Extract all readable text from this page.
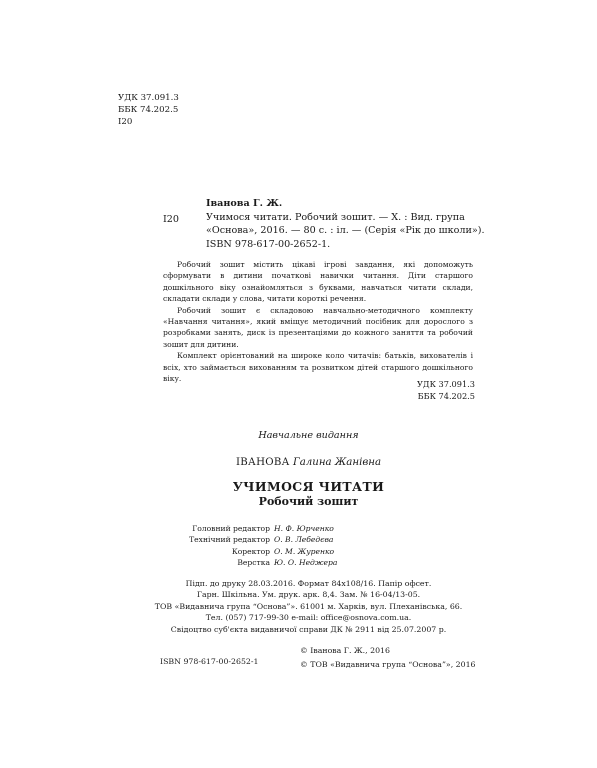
УДК 37.091.3
ББК 74.202.5
І20
І20
Іванова Г. Ж.
Учимося читати. Робочий зошит. — Х. : Вид. група
«Основа», 2016. — 80 с. : іл. — (Серія «Рік до школи»).
ISBN 978-617-00-2652-1.

Робочий зошит містить цікаві ігрові завдання, які допоможуть сформувати в дитини початкові навички читання. Діти старшого дошкільного віку ознайомляться з буквами, навчаться читати склади, складати склади у слова, читати короткі речення.

Робочий зошит є складовою навчально-методичного комплекту «Навчання читання», який вміщує методичний посібник для дорослого з розробками занять, диск із презентаціями до кожного заняття та робочий зошит для дитини.

Комплект орієнтований на широке коло читачів: батьків, вихователів і всіх, хто займається вихованням та розвитком дітей старшого дошкільного віку.

УДК 37.091.3
ББК 74.202.5
Навчальне видання
ІВАНОВА Галина Жанівна
УЧИМОСЯ ЧИТАТИ
Робочий зошит
Головний редактор Н. Ф. Юрченко
Технічний редактор О. В. Лебедєва
Коректор О. М. Журенко
Верстка Ю. О. Неджера
Підп. до друку 28.03.2016. Формат 84x108/16. Папір офсет.
Гарн. Шкільна. Ум. друк. арк. 8,4. Зам. № 16-04/13-05.
ТОВ «Видавнича група “Основа”». 61001 м. Харків, вул. Плеханівська, 66.
Тел. (057) 717-99-30 e-mail: office@osnova.com.ua.
Свідоцтво суб'єкта видавничої справи ДК № 2911 від 25.07.2007 р.
ISBN 978-617-00-2652-1
© Іванова Г. Ж., 2016
© ТОВ «Видавнича група “Основа”», 2016
